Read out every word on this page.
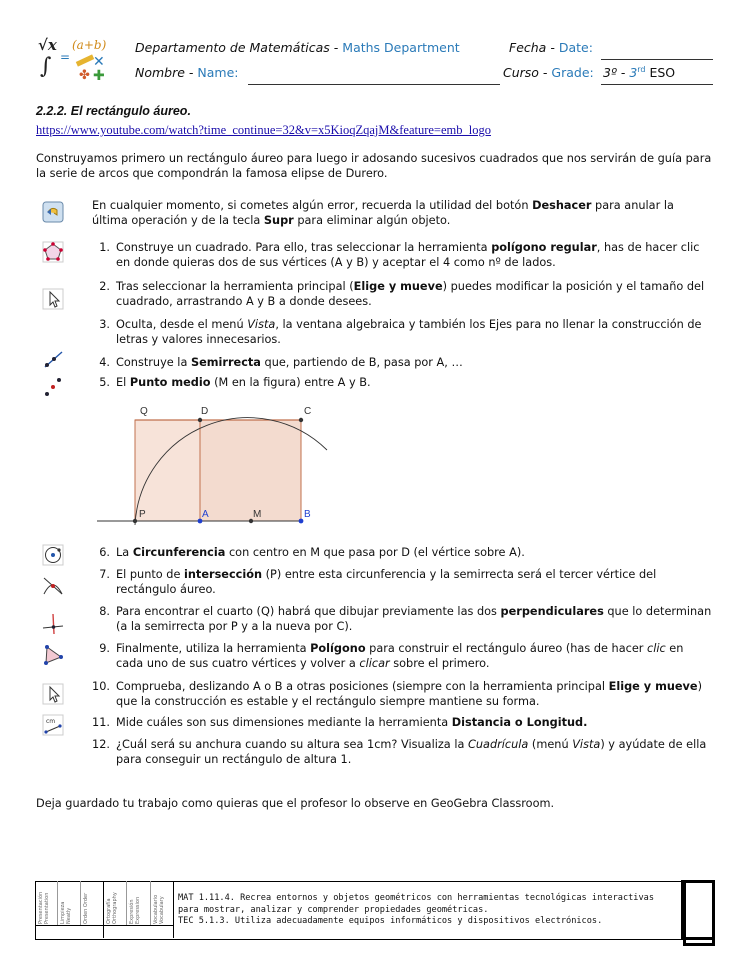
√x (a+b)
∫ = ✕
✤ ✚
Departamento de Matemáticas - Maths Department	Fecha - Date:
Nombre - Name:	Curso - Grade: 3º - 3rd ESO
2.2.2. El rectángulo áureo.
https://www.youtube.com/watch?time_continue=32&v=x5KioqZqajM&feature=emb_logo
Construyamos primero un rectángulo áureo para luego ir adosando sucesivos cuadrados que nos servirán de guía para la serie de arcos que compondrán la famosa elipse de Durero.
En cualquier momento, si cometes algún error, recuerda la utilidad del botón Deshacer para anular la última operación y de la tecla Supr para eliminar algún objeto.
1. Construye un cuadrado. Para ello, tras seleccionar la herramienta polígono regular, has de hacer clic en donde quieras dos de sus vértices (A y B) y aceptar el 4 como nº de lados.
2. Tras seleccionar la herramienta principal (Elige y mueve) puedes modificar la posición y el tamaño del cuadrado, arrastrando A y B a donde desees.
3. Oculta, desde el menú Vista, la ventana algebraica y también los Ejes para no llenar la construcción de letras y valores innecesarios.
4. Construye la Semirrecta que, partiendo de B, pasa por A, …
5. El Punto medio (M en la figura) entre A y B.
Q	D	C
P	A	M	B
6. La Circunferencia con centro en M que pasa por D (el vértice sobre A).
7. El punto de intersección (P) entre esta circunferencia y la semirrecta será el tercer vértice del rectángulo áureo.
8. Para encontrar el cuarto (Q) habrá que dibujar previamente las dos perpendiculares que lo determinan (a la semirrecta por P y a la nueva por C).
9. Finalmente, utiliza la herramienta Polígono para construir el rectángulo áureo (has de hacer clic en cada uno de sus cuatro vértices y volver a clicar sobre el primero.
10. Comprueba, deslizando A o B a otras posiciones (siempre con la herramienta principal Elige y mueve) que la construcción es estable y el rectángulo siempre mantiene su forma.
cm	11. Mide cuáles son sus dimensiones mediante la herramienta Distancia o Longitud.
12. ¿Cuál será su anchura cuando su altura sea 1cm? Visualiza la Cuadrícula (menú Vista) y ayúdate de ella para conseguir un rectángulo de altura 1.
Deja guardado tu trabajo como quieras que el profesor lo observe en GeoGebra Classroom.
Presentación Presentation	Limpieza Neatly	Orden Order	Ortografía Orthography	Expresión Expression	Vocabulario Vocabulary	MAT 1.11.4. Recrea entornos y objetos geométricos con herramientas tecnológicas interactivas
para mostrar, analizar y comprender propiedades geométricas.
TEC 5.1.3. Utiliza adecuadamente equipos informáticos y dispositivos electrónicos.
